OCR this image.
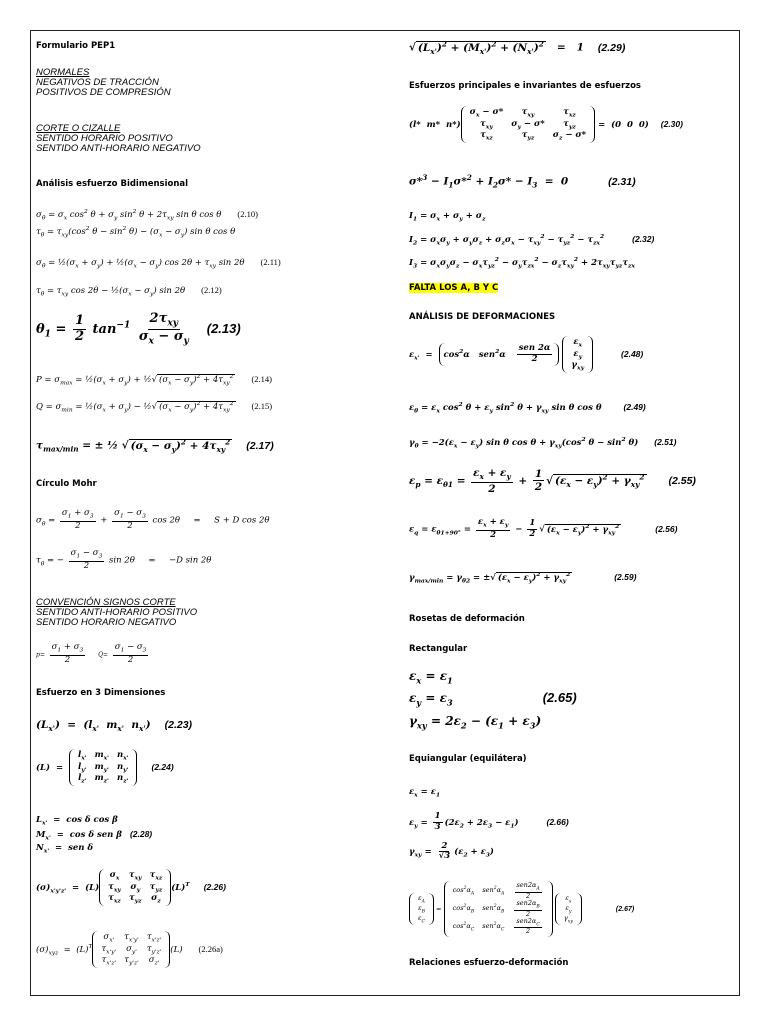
Formulario PEP1
NORMALES
NEGATIVOS DE TRACCIÓN
POSITIVOS DE COMPRESIÓN
CORTE O CIZALLE
SENTIDO HORARIO POSITIVO
SENTIDO ANTI-HORARIO NEGATIVO
Análisis esfuerzo Bidimensional
$\sigma_\theta = \sigma_x$ $\cos^2 \theta + \sigma_y$ $\sin^2 \theta + 2\tau_{xy}$ sin θ cos θ (2.10)
$\tau_\theta = \tau_{xy}(\cos^2$ $\theta - \sin^2 \theta) - (\sigma_x - \sigma_y)$ sin θ cos θ
$\sigma_\theta$ = $\frac{1}{2}(\sigma_x + \sigma_y)$ + $\frac{1}{2}(\sigma_x - \sigma_y)$ $\cos 2\theta + \tau_{xy}$ sin 2θ (2.11)
$\tau_\theta = \tau_{xy}$ $\cos 2\theta - \frac{1}{2}(\sigma_x - \sigma_y)$ sin 2θ (2.12)
$\theta_1 = \frac{1}{2} \tan^{-1} \frac{2\tau_{xy}}{\sigma_x - \sigma_y} (2.13)$
$P = \sigma_{max}$ = $\frac{1}{2}(\sigma_x + \sigma_y)$ + ½√ $(\sigma_x - \sigma_y)^2 + 4\tau_{xy}^2$ (2.14)
$Q = \sigma_{min}$ = $\frac{1}{2}(\sigma_x + \sigma_y)$ − ½√ $(\sigma_x - \sigma_y)^2 + 4\tau_{xy}^2$ (2.15)
$\tau_{max/min}$ = ± ½ √ $(\sigma_x - \sigma_y)^2 + 4\tau_{xy}^2$ (2.17)
Círculo Mohr
$\sigma_\theta = \frac{\sigma_1 + \sigma_3}{2} + \frac{\sigma_1 - \sigma_3}{2}$ cos 2θ     =     S + D cos 2θ
$\tau_\theta$ = − $\frac{\sigma_1 - \sigma_3}{2}$ sin 2θ     =     −D sin 2θ
CONVENCIÓN SIGNOS CORTE
SENTIDO ANTI-HORARIO POSITIVO
SENTIDO HORARIO NEGATIVO
$p= \frac{\sigma_1 + \sigma_3}{2} Q= \frac{\sigma_1 - \sigma_3}{2}$
Esfuerzo en 3 Dimensiones
$(L_{x'}) = (l_{x'}$  $m_{x'}$  $n_{x'}$) (2.23)
(L)  =
$l_{x'}$	$m_{x'}$	$n_{x'}$
$l_{y'}$	$m_{y'}$	$n_{y'}$
$l_{z'}$	$m_{z'}$	$n_{z'}$
(2.24)
$L_{x'} = \cos \delta$ cos β
$M_{x'} = \cos \delta$ sen β (2.28)
$N_{x'}$  =  sen δ
$(\sigma)_{x'y'z'} = (L)$
$\sigma_x$	$\tau_{xy}$	$\tau_{xz}$
$\tau_{xy}$	$\sigma_y$	$\tau_{yz}$
$\tau_{xz}$	$\tau_{yz}$	$\sigma_z$
$(L)^T$ (2.26)
$(\sigma)_{xyz} = (L)^T$
$\sigma_{x'}$	$\tau_{x'y'}$	$\tau_{x'z'}$
$\tau_{x'y'}$	$\sigma_{y'}$	$\tau_{y'z'}$
$\tau_{x'z'}$	$\tau_{y'z'}$	$\sigma_{z'}$
(L) (2.26a)
√ $(L_{x'})^2 + (M_{x'})^2 + (N_{x'})^2 = 1$ (2.29)
Esfuerzos principales e invariantes de esfuerzos
(l*  m*  n*)
$\sigma_x - \sigma*$	$\tau_{xy}$	$\tau_{xz}$
$\tau_{xy}$	$\sigma_y - \sigma*$	$\tau_{yz}$
$\tau_{xz}$	$\tau_{yz}$	$\sigma_z - \sigma*$
=  (0  0  0) (2.30)
$\sigma*^3 - I_1\sigma*^2 + I_2\sigma* - I_3 = 0$	(2.31)
$I_1 = \sigma_x + \sigma_y + \sigma_z$
$I_2 = \sigma_x\sigma_y + \sigma_y\sigma_z + \sigma_z\sigma_x - \tau_{xy}^2 - \tau_{yz}^2 - \tau_{zx}^2$	(2.32)
$I_3 = \sigma_x\sigma_y\sigma_z - \sigma_x\tau_{yz}^2 - \sigma_y\tau_{zx}^2 - \sigma_z\tau_{xy}^2 + 2\tau_{xy}\tau_{yz}\tau_{zx}$
FALTA LOS A, B Y C
ANÁLISIS DE DEFORMACIONES
$\varepsilon_{x'} = \cos^2\alpha$   $sen^2\alpha \frac{\text{sen 2α}}{2}$

$\varepsilon_x$
$\varepsilon_y$
$\gamma_{xy}$
(2.48)
$\varepsilon_\theta = \varepsilon_x$ $\cos^2 \theta + \varepsilon_y$ $\sin^2 \theta + \gamma_{xy}$ sin θ cos θ	(2.49)
$\gamma_\theta = -2(\varepsilon_x - \varepsilon_y)$ sin θ $\cos \theta + \gamma_{xy}(\cos^2$ $\theta - \sin^2 \theta$) (2.51)
$\varepsilon_p = \varepsilon_{\theta 1} = \frac{\varepsilon_x + \varepsilon_y}{2} + \frac{1}{2}$ √ $(\varepsilon_x - \varepsilon_y)^2 + \gamma_{xy}^2$ (2.55)
$\varepsilon_q = \varepsilon_{\theta 1+90^\circ} = \frac{\varepsilon_x + \varepsilon_y}{2} - \frac{1}{2}$ √ $(\varepsilon_x - \varepsilon_y)^2 + \gamma_{xy}^2$	(2.56)
$\gamma_{max/min} = \gamma_{\theta 2}$ = ±√ $(\varepsilon_x - \varepsilon_y)^2 + \gamma_{xy}^2$	(2.59)
Rosetas de deformación
Rectangular
$\varepsilon_x = \varepsilon_1$
$\varepsilon_y = \varepsilon_3$	(2.65)
$\gamma_{xy} = 2\varepsilon_2 - (\varepsilon_1 + \varepsilon_3)$
Equiangular (equilátera)
$\varepsilon_x = \varepsilon_1$
$\varepsilon_y = \frac{1}{3} (2\varepsilon_2 + 2\varepsilon_3 - \varepsilon_1)$	(2.66)
$\gamma_{xy} = \frac{2}{√3} (\varepsilon_2 + \varepsilon_3)$
$\varepsilon_A$
$\varepsilon_B$
$\varepsilon_C$
=
$\cos^2\alpha_A$	$sen^2\alpha_A$	$\frac{sen2\alpha_A}{2}$

$\cos^2\alpha_B$	$sen^2\alpha_B$	$\frac{sen2\alpha_B}{2}$

$\cos^2\alpha_C$	$sen^2\alpha_C$	$\frac{sen2\alpha_C}{2}$

$\varepsilon_x$
$\varepsilon_y$
$\gamma_{xy}$
(2.67)
Relaciones esfuerzo-deformación
